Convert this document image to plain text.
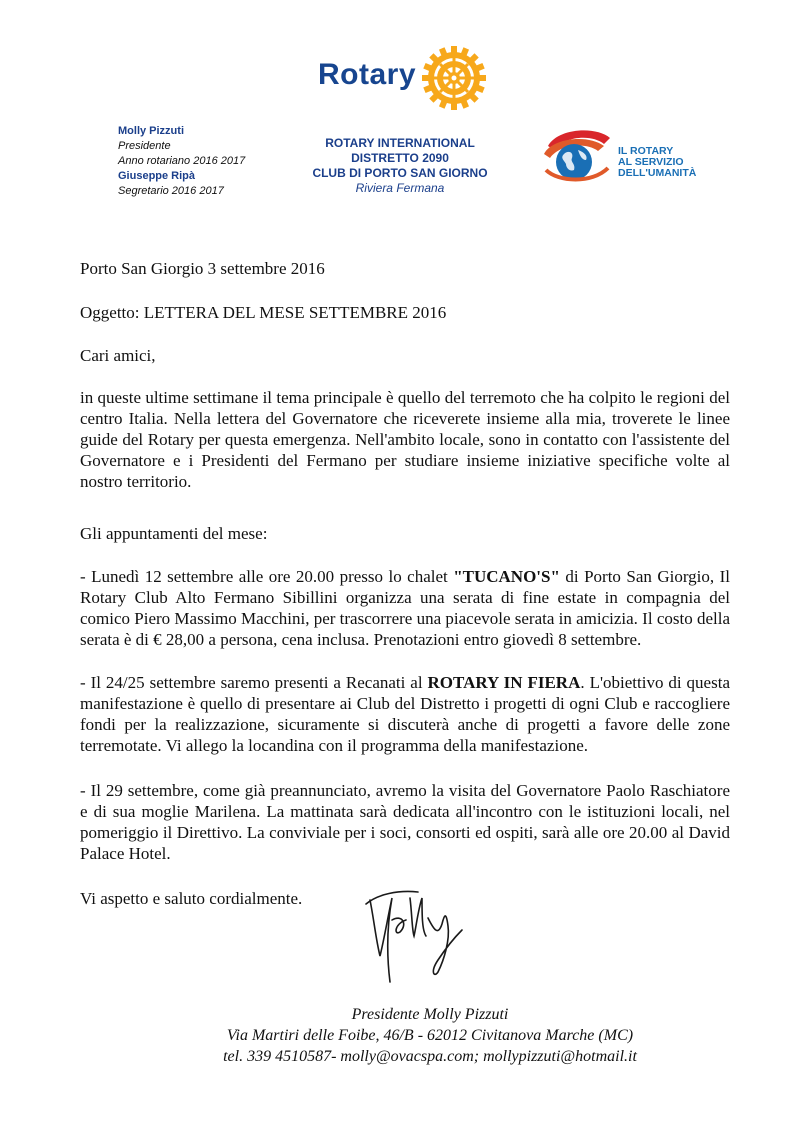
Rotary
Molly Pizzuti
Presidente
Anno rotariano 2016 2017
Giuseppe Ripà
Segretario 2016 2017
ROTARY INTERNATIONAL
DISTRETTO 2090
CLUB DI PORTO SAN GIORNO
Riviera Fermana
IL ROTARY
AL SERVIZIO
DELL'UMANITÀ
Porto San Giorgio 3 settembre 2016
Oggetto: LETTERA DEL MESE SETTEMBRE 2016
Cari amici,

in queste ultime settimane il tema principale è quello del terremoto che ha colpito le regioni del centro Italia. Nella lettera del Governatore che riceverete insieme alla mia, troverete le linee guide del Rotary per questa emergenza. Nell'ambito locale, sono in contatto con l'assistente del Governatore e i Presidenti del Fermano per studiare insieme iniziative specifiche volte al nostro territorio.

Gli appuntamenti del mese:

- Lunedì 12 settembre alle ore 20.00 presso lo chalet "TUCANO'S" di Porto San Giorgio, Il Rotary Club Alto Fermano Sibillini organizza una serata di fine estate in compagnia del comico Piero Massimo Macchini, per trascorrere una piacevole serata in amicizia. Il costo della serata è di € 28,00 a persona, cena inclusa. Prenotazioni entro giovedì 8 settembre.

- Il 24/25 settembre saremo presenti a Recanati al ROTARY IN FIERA. L'obiettivo di questa manifestazione è quello di presentare ai Club del Distretto i progetti di ogni Club e raccogliere fondi per la realizzazione, sicuramente si discuterà anche di progetti a favore delle zone terremotate. Vi allego la locandina con il programma della manifestazione.

- Il 29 settembre, come già preannunciato, avremo la visita del Governatore Paolo Raschiatore e di sua moglie Marilena. La mattinata sarà dedicata all'incontro con le istituzioni locali, nel pomeriggio il Direttivo. La conviviale per i soci, consorti ed ospiti, sarà alle ore 20.00 al David Palace Hotel.

Vi aspetto e saluto cordialmente.
Presidente Molly Pizzuti
Via Martiri delle Foibe, 46/B - 62012 Civitanova Marche (MC)
tel. 339 4510587- molly@ovacspa.com; mollypizzuti@hotmail.it
